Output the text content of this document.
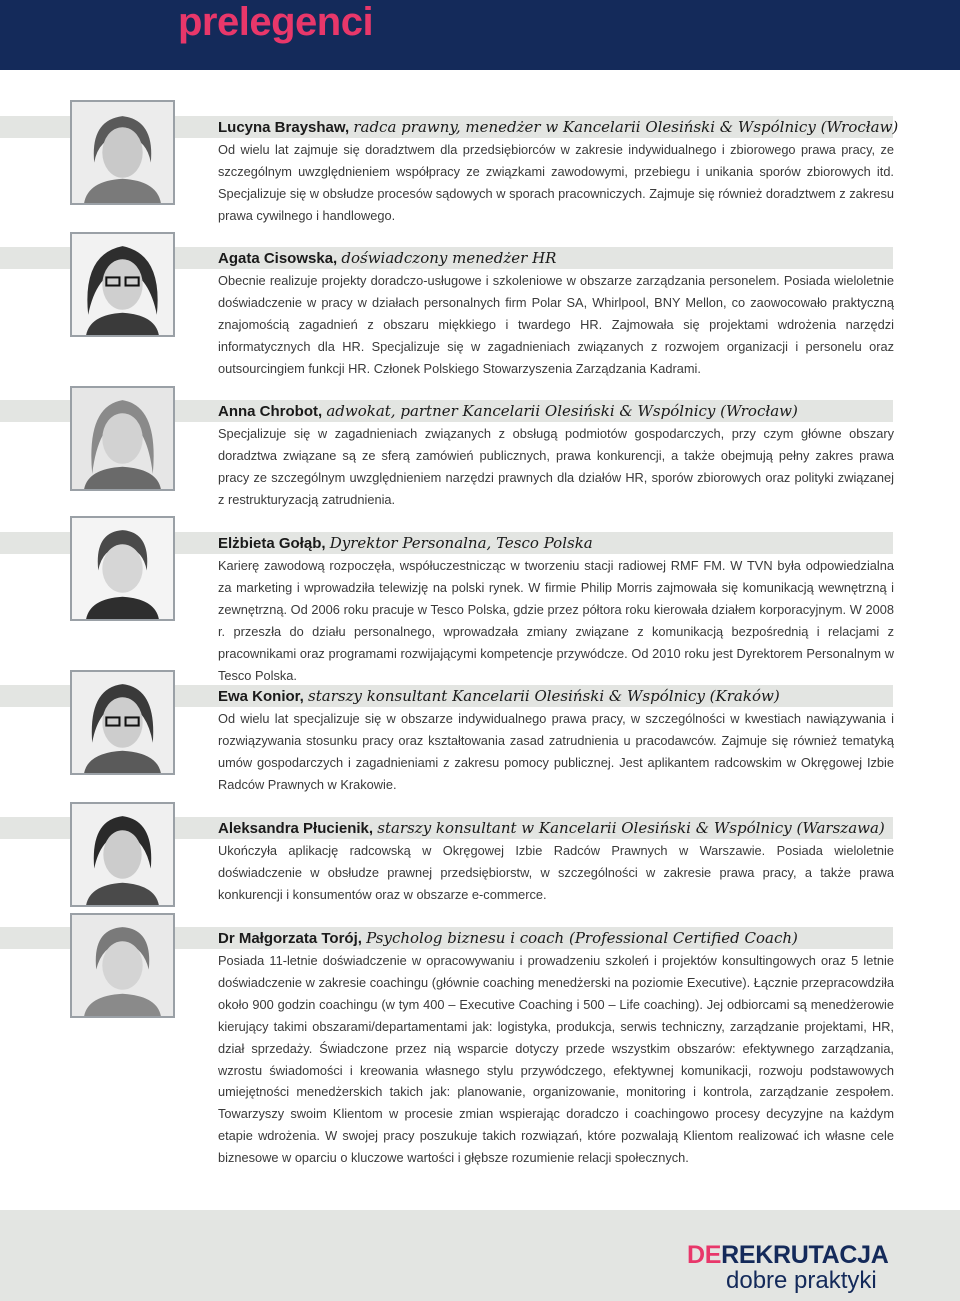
prelegenci
Lucyna Brayshaw, radca prawny, menedżer w Kancelarii Olesiński & Wspólnicy (Wrocław)
Od wielu lat zajmuje się doradztwem dla przedsiębiorców w zakresie indywidualnego i zbiorowego prawa pracy, ze szczególnym uwzględnieniem współpracy ze związkami zawodowymi, przebiegu i unikania sporów zbiorowych itd. Specjalizuje się w obsłudze procesów sądowych w sporach pracowniczych. Zajmuje się również doradztwem z zakresu prawa cywilnego i handlowego.
Agata Cisowska, doświadczony menedżer HR
Obecnie realizuje projekty doradczo-usługowe i szkoleniowe w obszarze zarządzania personelem. Posiada wieloletnie doświadczenie w pracy w działach personalnych firm Polar SA, Whirlpool, BNY Mellon, co zaowocowało praktyczną znajomością zagadnień z obszaru miękkiego i twardego HR. Zajmowała się projektami wdrożenia narzędzi informatycznych dla HR. Specjalizuje się w zagadnieniach związanych z rozwojem organizacji i personelu oraz outsourcingiem funkcji HR. Członek Polskiego Stowarzyszenia Zarządzania Kadrami.
Anna Chrobot, adwokat, partner Kancelarii Olesiński & Wspólnicy (Wrocław)
Specjalizuje się w zagadnieniach związanych z obsługą podmiotów gospodarczych, przy czym główne obszary doradztwa związane są ze sferą zamówień publicznych, prawa konkurencji, a także obejmują pełny zakres prawa pracy ze szczególnym uwzględnieniem narzędzi prawnych dla działów HR, sporów zbiorowych oraz polityki związanej z restrukturyzacją zatrudnienia.
Elżbieta Gołąb, Dyrektor Personalna, Tesco Polska
Karierę zawodową rozpoczęła, współuczestnicząc w tworzeniu stacji radiowej RMF FM. W TVN była odpowiedzialna za marketing i wprowadziła telewizję na polski rynek. W firmie Philip Morris zajmowała się komunikacją wewnętrzną i zewnętrzną. Od 2006 roku pracuje w Tesco Polska, gdzie przez półtora roku kierowała działem korporacyjnym. W 2008 r. przeszła do działu personalnego, wprowadzała zmiany związane z komunikacją bezpośrednią i relacjami z pracownikami oraz programami rozwijającymi kompetencje przywódcze. Od 2010 roku jest Dyrektorem Personalnym w Tesco Polska.
Ewa Konior, starszy konsultant Kancelarii Olesiński & Wspólnicy (Kraków)
Od wielu lat specjalizuje się w obszarze indywidualnego prawa pracy, w szczególności w kwestiach nawiązywania i rozwiązywania stosunku pracy oraz kształtowania zasad zatrudnienia u pracodawców. Zajmuje się również tematyką umów gospodarczych i zagadnieniami z zakresu pomocy publicznej. Jest aplikantem radcowskim w Okręgowej Izbie Radców Prawnych w Krakowie.
Aleksandra Płucienik, starszy konsultant w Kancelarii Olesiński & Wspólnicy (Warszawa)
Ukończyła aplikację radcowską w Okręgowej Izbie Radców Prawnych w Warszawie. Posiada wieloletnie doświadczenie w obsłudze prawnej przedsiębiorstw, w szczególności w zakresie prawa pracy, a także prawa konkurencji i konsumentów oraz w obszarze e-commerce.
Dr Małgorzata Torój, Psycholog biznesu i coach (Professional Certified Coach)
Posiada 11-letnie doświadczenie w opracowywaniu i prowadzeniu szkoleń i projektów konsultingowych oraz 5 letnie doświadczenie w zakresie coachingu (głównie coaching menedżerski na poziomie Executive). Łącznie przepracowdziła około 900 godzin coachingu (w tym 400 – Executive Coaching i 500 – Life coaching). Jej odbiorcami są menedżerowie kierujący takimi obszarami/departamentami jak: logistyka, produkcja, serwis techniczny, zarządzanie projektami, HR, dział sprzedaży. Świadczone przez nią wsparcie dotyczy przede wszystkim obszarów: efektywnego zarządzania, wzrostu świadomości i kreowania własnego stylu przywódczego, efektywnej komunikacji, rozwoju podstawowych umiejętności menedżerskich takich jak: planowanie, organizowanie, monitoring i kontrola, zarządzanie zespołem. Towarzyszy swoim Klientom w procesie zmian wspierając doradczo i coachingowo procesy decyzyjne na każdym etapie wdrożenia. W swojej pracy poszukuje takich rozwiązań, które pozwalają Klientom realizować ich własne cele biznesowe w oparciu o kluczowe wartości i głębsze rozumienie relacji społecznych.
DEREKRUTACJA
dobre praktyki
